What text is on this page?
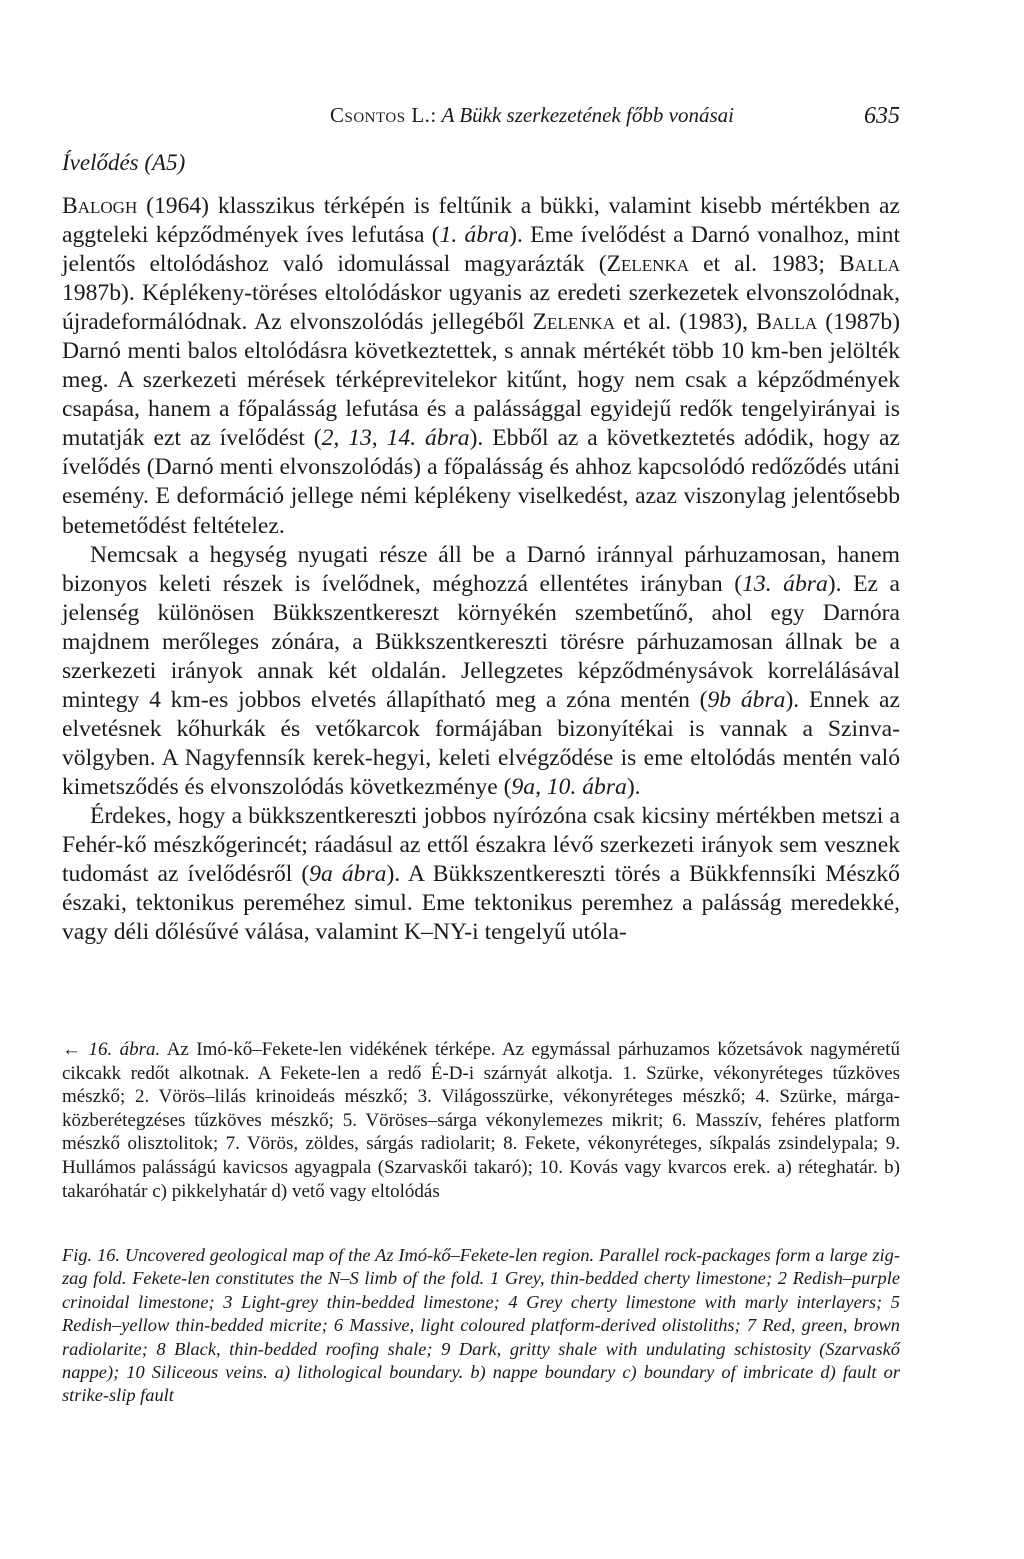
Csontos L.: A Bükk szerkezetének főbb vonásai	635
Ívelődés (A5)

Balogh (1964) klasszikus térképén is feltűnik a bükki, valamint kisebb mértékben az aggteleki képződmények íves lefutása (1. ábra). Eme ívelődést a Darnó vonalhoz, mint jelentős eltolódáshoz való idomulással magyarázták (Zelenka et al. 1983; Balla 1987b). Képlékeny-töréses eltolódáskor ugyanis az eredeti szerkezetek elvonszolódnak, újradeformálódnak. Az elvonszolódás jellegéből Zelenka et al. (1983), Balla (1987b) Darnó menti balos eltolódásra következtettek, s annak mértékét több 10 km-ben jelölték meg. A szerkezeti mérések térképrevitelekor kitűnt, hogy nem csak a képződmények csapása, hanem a főpalásság lefutása és a palássággal egyidejű redők tengelyirányai is mutatják ezt az ívelődést (2, 13, 14. ábra). Ebből az a következtetés adódik, hogy az ívelődés (Darnó menti elvonszolódás) a főpalásság és ahhoz kapcsolódó redőződés utáni esemény. E deformáció jellege némi képlékeny viselkedést, azaz viszonylag jelentősebb betemetődést feltételez.

Nemcsak a hegység nyugati része áll be a Darnó iránnyal párhuzamosan, hanem bizonyos keleti részek is ívelődnek, méghozzá ellentétes irányban (13. ábra). Ez a jelenség különösen Bükkszentkereszt környékén szembetűnő, ahol egy Darnóra majdnem merőleges zónára, a Bükkszentkereszti törésre párhuzamosan állnak be a szerkezeti irányok annak két oldalán. Jellegzetes képződménysávok korrelálásával mintegy 4 km-es jobbos elvetés állapítható meg a zóna mentén (9b ábra). Ennek az elvetésnek kőhurkák és vetőkarcok formájában bizonyítékai is vannak a Szinva-völgyben. A Nagyfennsík kerek-hegyi, keleti elvégződése is eme eltolódás mentén való kimetsződés és elvonszolódás következménye (9a, 10. ábra).

Érdekes, hogy a bükkszentkereszti jobbos nyírózóna csak kicsiny mértékben metszi a Fehér-kő mészkőgerincét; ráadásul az ettől északra lévő szerkezeti irányok sem vesznek tudomást az ívelődésről (9a ábra). A Bükkszentkereszti törés a Bükkfennsíki Mészkő északi, tektonikus pereméhez simul. Eme tektonikus peremhez a palásság meredekké, vagy déli dőlésűvé válása, valamint K–NY-i tengelyű utóla-

← 16. ábra. Az Imó-kő–Fekete-len vidékének térképe. Az egymással párhuzamos kőzetsávok nagyméretű cikcakk redőt alkotnak. A Fekete-len a redő É-D-i szárnyát alkotja. 1. Szürke, vékonyréteges tűzköves mészkő; 2. Vörös–lilás krinoideás mészkő; 3. Világosszürke, vékonyréteges mészkő; 4. Szürke, márga-közberétegzéses tűzköves mészkő; 5. Vöröses–sárga vékonylemezes mikrit; 6. Masszív, fehéres platform mészkő olisztolitok; 7. Vörös, zöldes, sárgás radiolarit; 8. Fekete, vékonyréteges, síkpalás zsindelypala; 9. Hullámos palásságú kavicsos agyagpala (Szarvaskői takaró); 10. Kovás vagy kvarcos erek. a) réteghatár. b) takaróhatár c) pikkelyhatár d) vető vagy eltolódás

Fig. 16. Uncovered geological map of the Az Imó-kő–Fekete-len region. Parallel rock-packages form a large zig-zag fold. Fekete-len constitutes the N–S limb of the fold. 1 Grey, thin-bedded cherty limestone; 2 Redish–purple crinoidal limestone; 3 Light-grey thin-bedded limestone; 4 Grey cherty limestone with marly interlayers; 5 Redish–yellow thin-bedded micrite; 6 Massive, light coloured platform-derived olistoliths; 7 Red, green, brown radiolarite; 8 Black, thin-bedded roofing shale; 9 Dark, gritty shale with undulating schistosity (Szarvaskő nappe); 10 Siliceous veins. a) lithological boundary. b) nappe boundary c) boundary of imbricate d) fault or strike-slip fault
